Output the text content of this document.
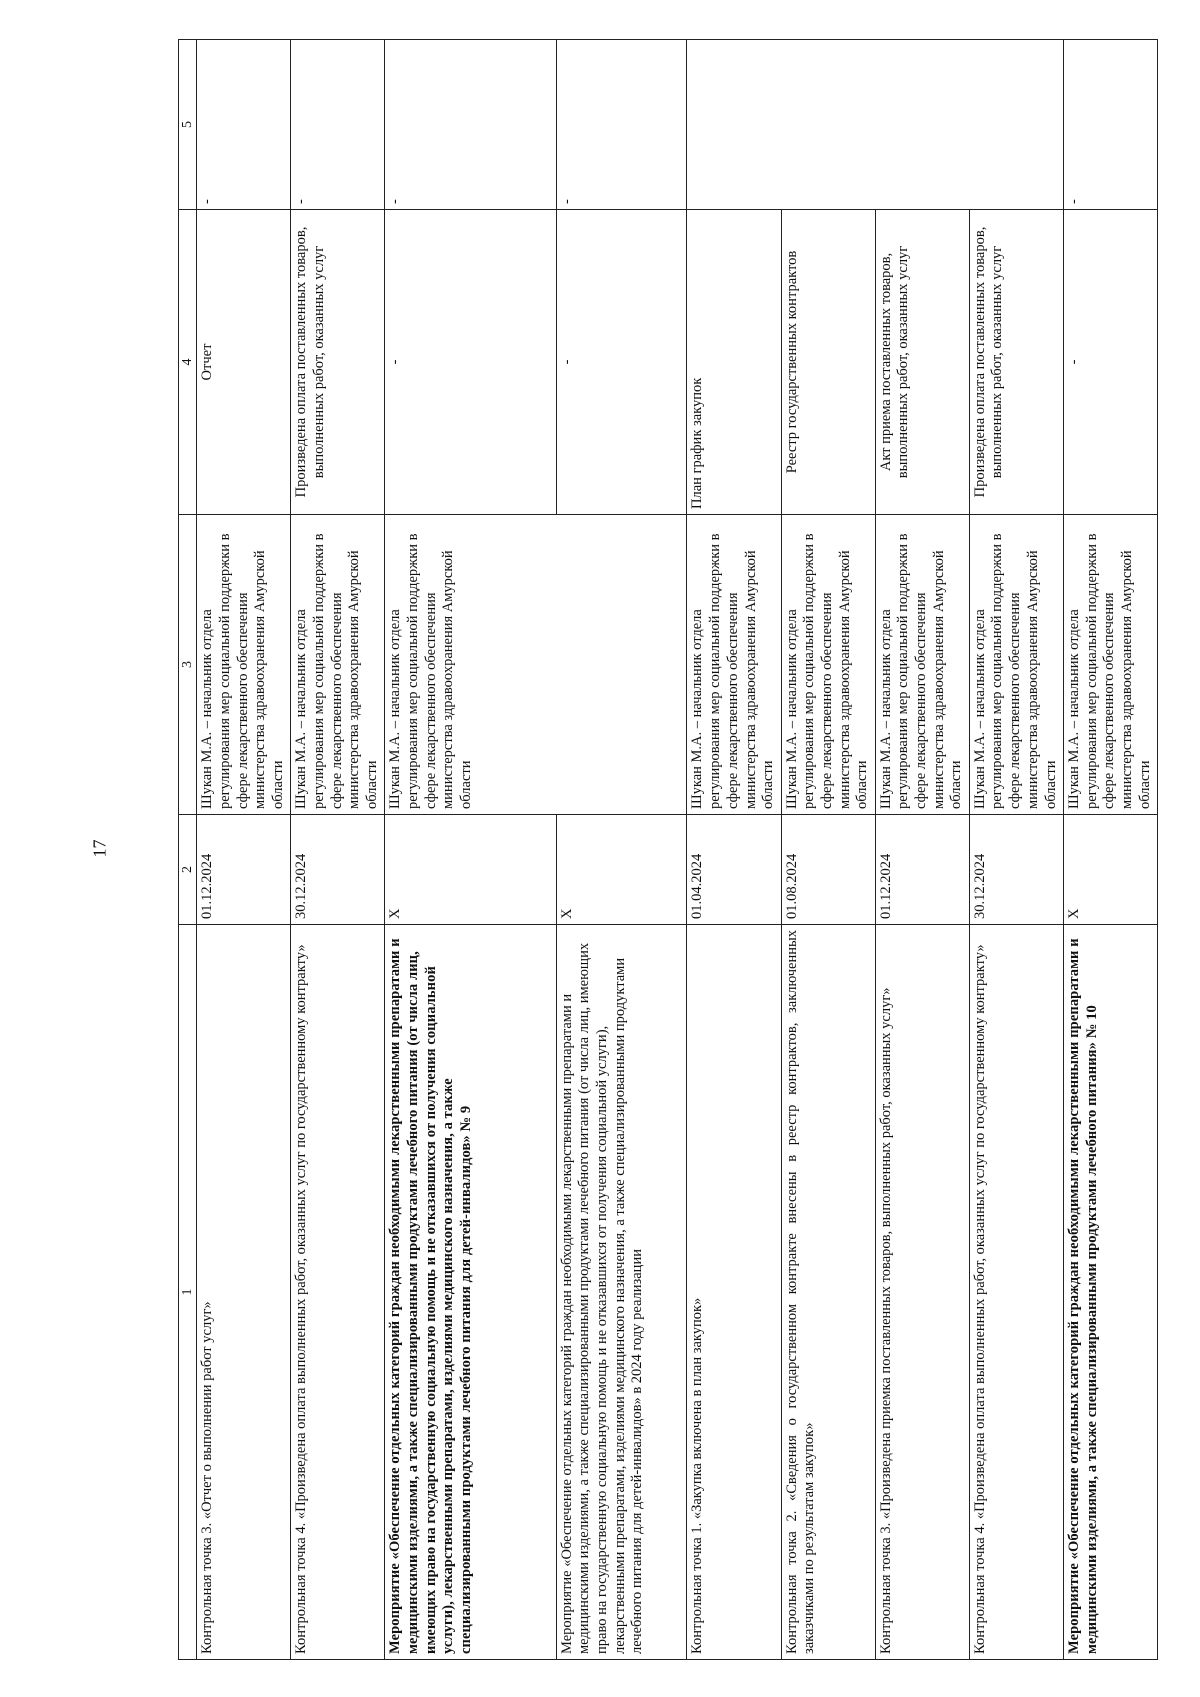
17
1	2	3	4	5
Контрольная точка 3. «Отчет о выполнении работ услуг»	01.12.2024	Шукан М.А. – начальник отдела регулирования мер социальной поддержки в сфере лекарственного обеспечения министерства здравоохранения Амурской области	Отчет	-
Контрольная точка 4. «Произведена оплата выполненных работ, оказанных услуг по государственному контракту»	30.12.2024	Шукан М.А. – начальник отдела регулирования мер социальной поддержки в сфере лекарственного обеспечения министерства здравоохранения Амурской области	Произведена оплата поставленных товаров, выполненных работ, оказанных услуг	-
Мероприятие «Обеспечение отдельных категорий граждан необходимыми лекарственными препаратами и медицинскими изделиями, а также специализированными продуктами лечебного питания (от числа лиц, имеющих право на государственную социальную помощь и не отказавшихся от получения социальной услуги), лекарственными препаратами, изделиями медицинского назначения, а также специализированными продуктами лечебного питания для детей-инвалидов» № 9	X	Шукан М.А. – начальник отдела регулирования мер социальной поддержки в сфере лекарственного обеспечения министерства здравоохранения Амурской области	-	-
Мероприятие «Обеспечение отдельных категорий граждан необходимыми лекарственными препаратами и медицинскими изделиями, а также специализированными продуктами лечебного питания (от числа лиц, имеющих право на государственную социальную помощь и не отказавшихся от получения социальной услуги), лекарственными препаратами, изделиями медицинского назначения, а также специализированными продуктами лечебного питания для детей-инвалидов» в 2024 году реализации	X		-	-
Контрольная точка 1. «Закупка включена в план закупок»	01.04.2024	Шукан М.А. – начальник отдела регулирования мер социальной поддержки в сфере лекарственного обеспечения министерства здравоохранения Амурской области	План график закупок	
Контрольная точка 2. «Сведения о государственном контракте внесены в реестр контрактов, заключенных заказчиками по результатам закупок»	01.08.2024	Шукан М.А. – начальник отдела регулирования мер социальной поддержки в сфере лекарственного обеспечения министерства здравоохранения Амурской области	Реестр государственных контрактов	
Контрольная точка 3. «Произведена приемка поставленных товаров, выполненных работ, оказанных услуг»	01.12.2024	Шукан М.А. – начальник отдела регулирования мер социальной поддержки в сфере лекарственного обеспечения министерства здравоохранения Амурской области	Акт приема поставленных товаров, выполненных работ, оказанных услуг	
Контрольная точка 4. «Произведена оплата выполненных работ, оказанных услуг по государственному контракту»	30.12.2024	Шукан М.А. – начальник отдела регулирования мер социальной поддержки в сфере лекарственного обеспечения министерства здравоохранения Амурской области	Произведена оплата поставленных товаров, выполненных работ, оказанных услуг	
Мероприятие «Обеспечение отдельных категорий граждан необходимыми лекарственными препаратами и медицинскими изделиями, а также специализированными продуктами лечебного питания» № 10	X	Шукан М.А. – начальник отдела регулирования мер социальной поддержки в сфере лекарственного обеспечения министерства здравоохранения Амурской области	-	-
